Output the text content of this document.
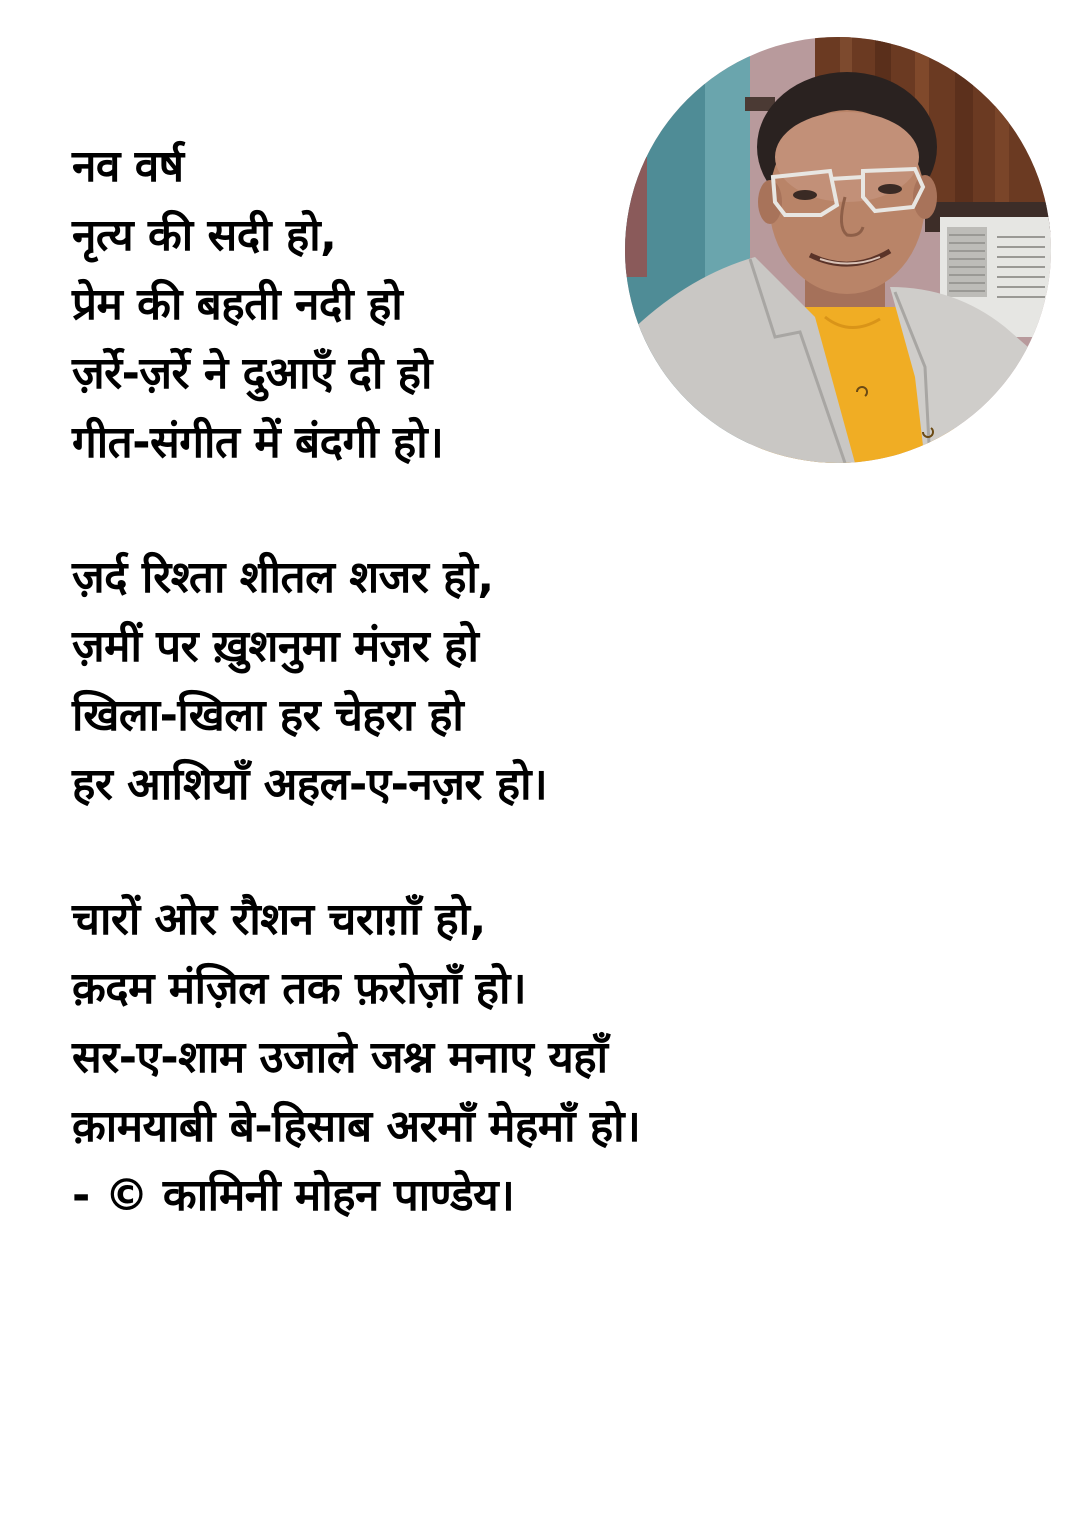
नव वर्ष
नृत्य की सदी हो,
प्रेम की बहती नदी हो
ज़र्रे-ज़र्रे ने दुआएँ दी हो
गीत-संगीत में बंदगी हो।
ज़र्द रिश्ता शीतल शजर हो,
ज़मीं पर ख़ुशनुमा मंज़र हो
खिला-खिला हर चेहरा हो
हर आशियाँ अहल-ए-नज़र हो।
चारों ओर रौशन चराग़ाँ हो,
क़दम मंज़िल तक फ़रोज़ाँ हो।
सर-ए-शाम उजाले जश्न मनाए यहाँ
क़ामयाबी बे-हिसाब अरमाँ मेहमाँ हो।
- © कामिनी मोहन पाण्डेय।
